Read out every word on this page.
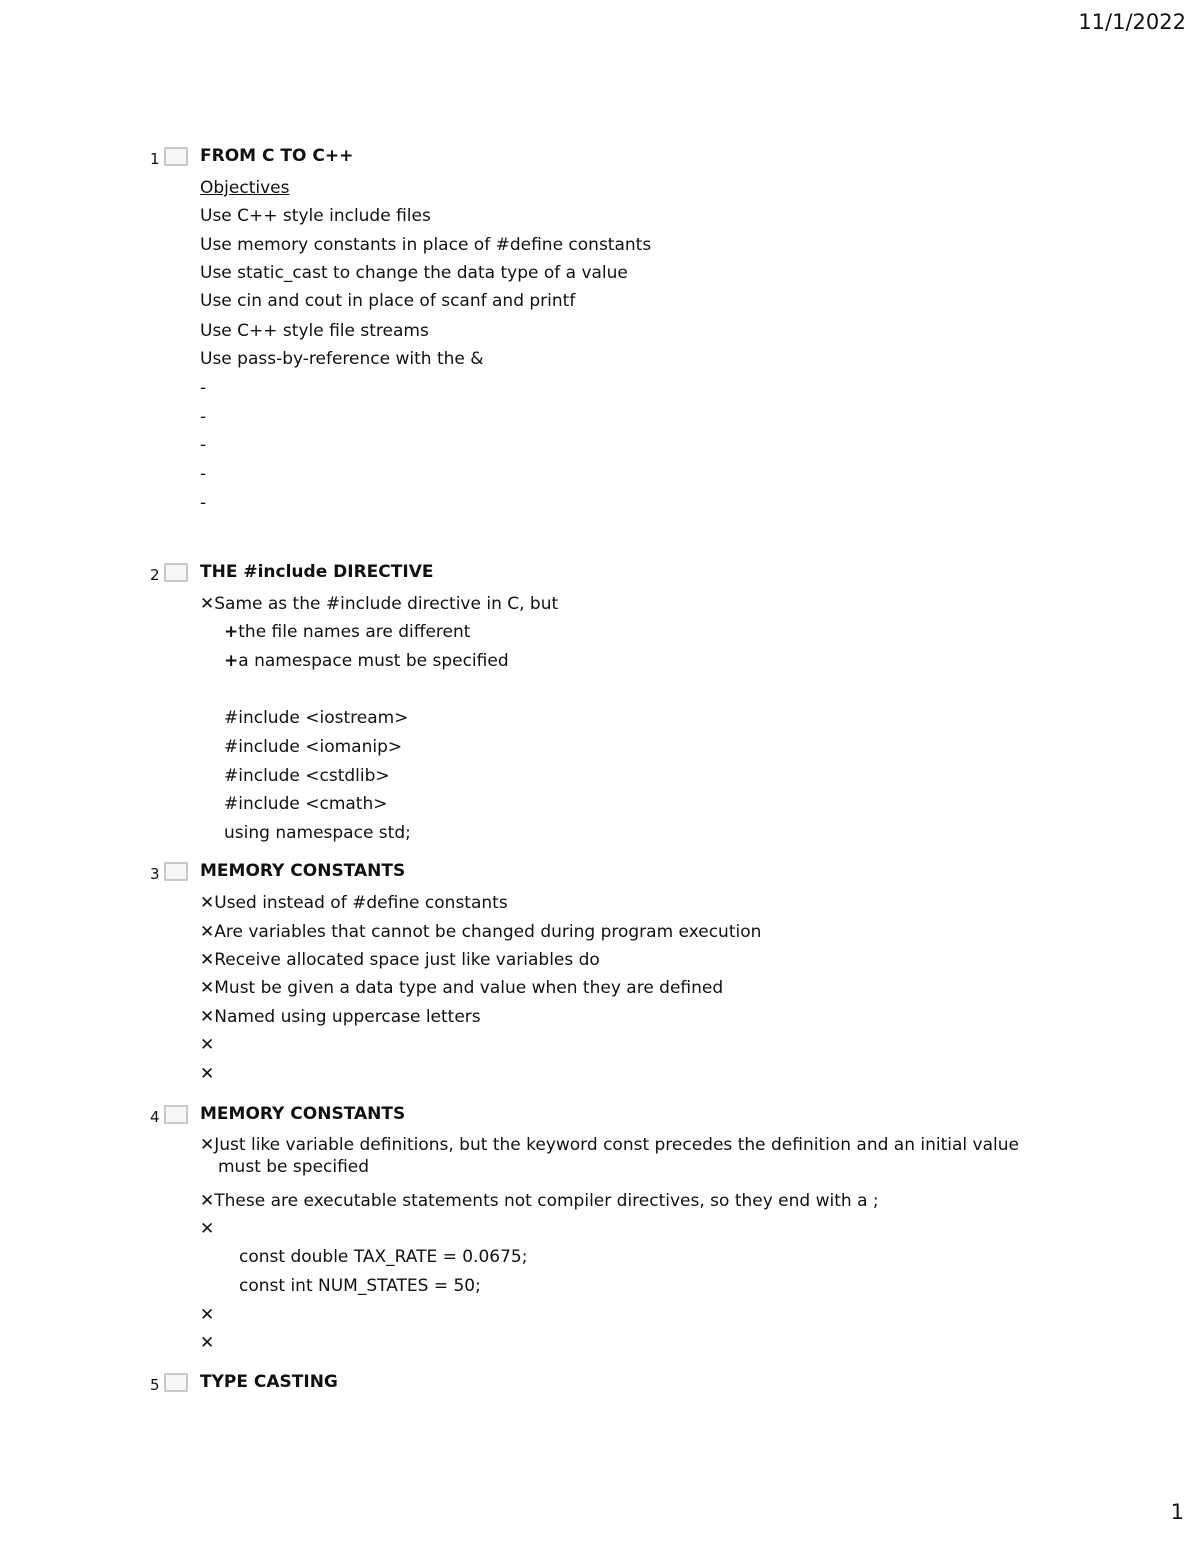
11/1/2022
1 FROM C TO C++
Objectives
Use C++ style include files
Use memory constants in place of #define constants
Use static_cast to change the data type of a value
Use cin and cout in place of scanf and printf
Use C++ style file streams
Use pass-by-reference with the &
-
-
-
-
-
2 THE #include DIRECTIVE
✕Same as the #include directive in C, but
+the file names are different
+a namespace must be specified
#include <iostream>
#include <iomanip>
#include <cstdlib>
#include <cmath>
using namespace std;
3 MEMORY CONSTANTS
✕Used instead of #define constants
✕Are variables that cannot be changed during program execution
✕Receive allocated space just like variables do
✕Must be given a data type and value when they are defined
✕Named using uppercase letters
✕
✕
4 MEMORY CONSTANTS
✕Just like variable definitions, but the keyword const precedes the definition and an initial value must be specified
✕These are executable statements not compiler directives, so they end with a ;
✕
const double TAX_RATE = 0.0675;
const int NUM_STATES = 50;
✕
✕
5 TYPE CASTING
1
